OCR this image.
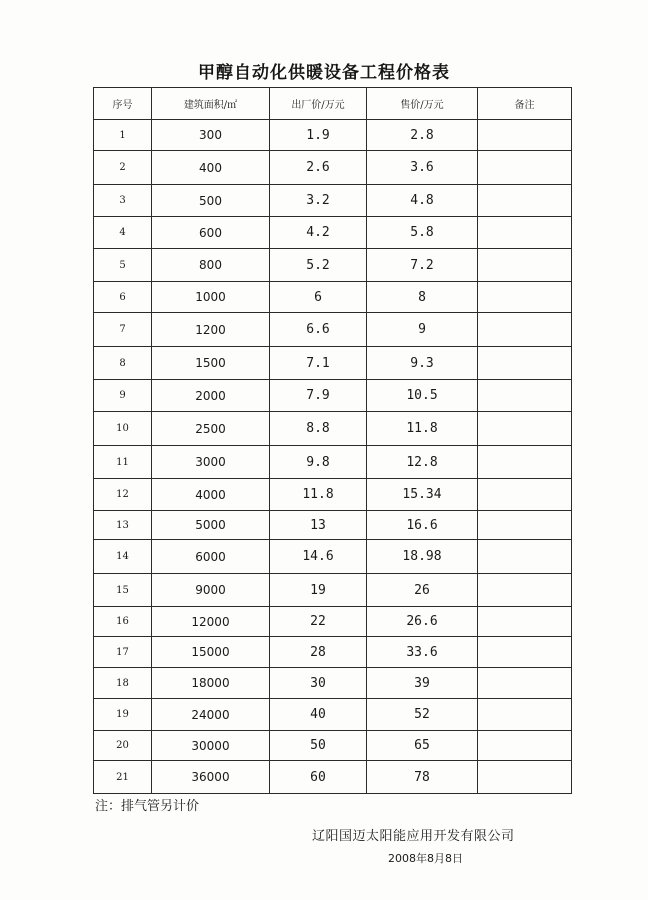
甲醇自动化供暖设备工程价格表
序号	建筑面积/㎡	出厂价/万元	售价/万元	备注
1	300	1.9	2.8	
2	400	2.6	3.6	
3	500	3.2	4.8	
4	600	4.2	5.8	
5	800	5.2	7.2	
6	1000	6	8	
7	1200	6.6	9	
8	1500	7.1	9.3	
9	2000	7.9	10.5	
10	2500	8.8	11.8	
11	3000	9.8	12.8	
12	4000	11.8	15.34	
13	5000	13	16.6	
14	6000	14.6	18.98	
15	9000	19	26	
16	12000	22	26.6	
17	15000	28	33.6	
18	18000	30	39	
19	24000	40	52	
20	30000	50	65	
21	36000	60	78	
注：排气管另计价
辽阳国迈太阳能应用开发有限公司
2008年8月8日
